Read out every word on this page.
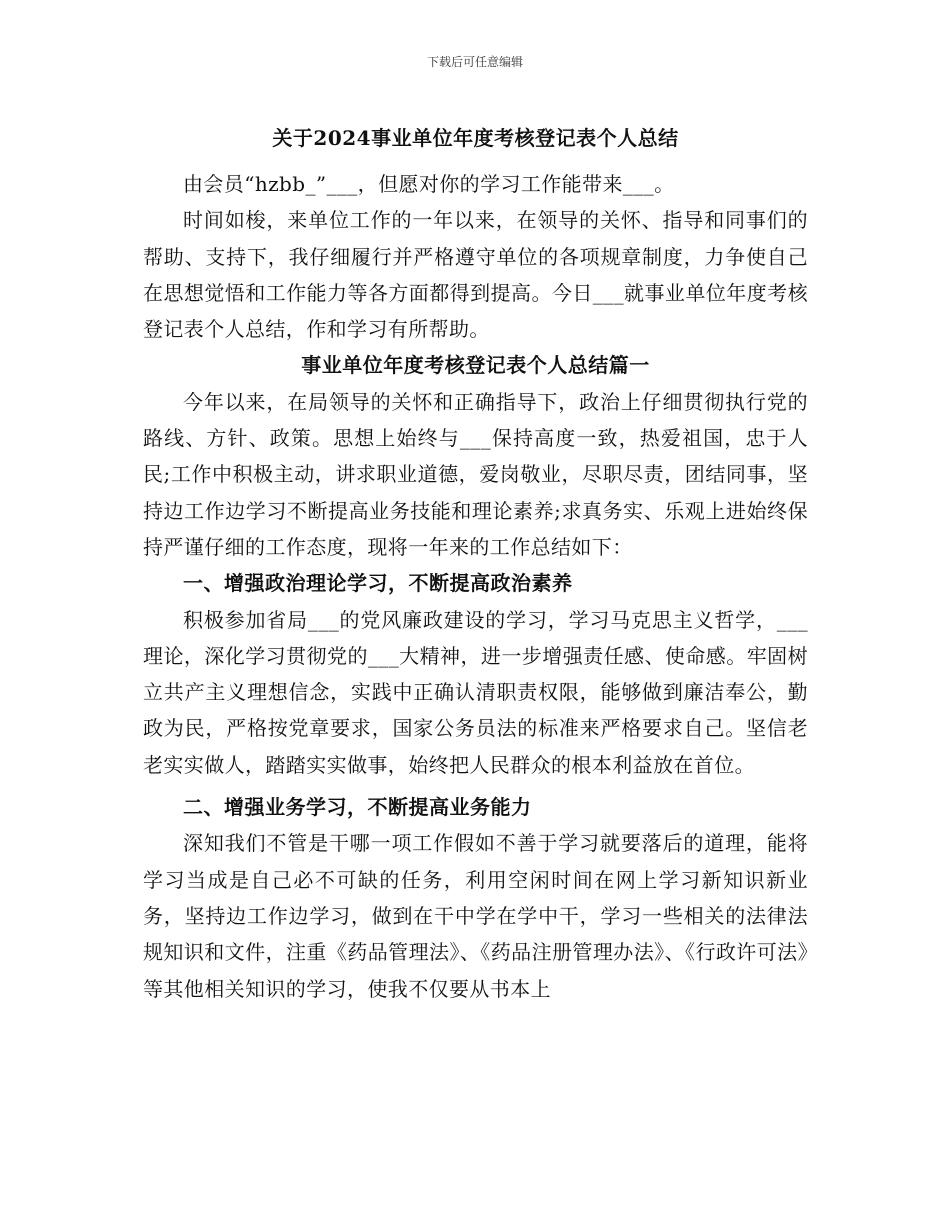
下载后可任意编辑
关于2024事业单位年度考核登记表个人总结

由会员“hzbb_”___，但愿对你的学习工作能带来___。

时间如梭，来单位工作的一年以来，在领导的关怀、指导和同事们的帮助、支持下，我仔细履行并严格遵守单位的各项规章制度，力争使自己在思想觉悟和工作能力等各方面都得到提高。今日___就事业单位年度考核登记表个人总结，作和学习有所帮助。

事业单位年度考核登记表个人总结篇一

今年以来，在局领导的关怀和正确指导下，政治上仔细贯彻执行党的路线、方针、政策。思想上始终与___保持高度一致，热爱祖国，忠于人民;工作中积极主动，讲求职业道德，爱岗敬业，尽职尽责，团结同事，坚持边工作边学习不断提高业务技能和理论素养;求真务实、乐观上进始终保持严谨仔细的工作态度，现将一年来的工作总结如下：

一、增强政治理论学习，不断提高政治素养

积极参加省局___的党风廉政建设的学习，学习马克思主义哲学，___理论，深化学习贯彻党的___大精神，进一步增强责任感、使命感。牢固树立共产主义理想信念，实践中正确认清职责权限，能够做到廉洁奉公，勤政为民，严格按党章要求，国家公务员法的标准来严格要求自己。坚信老老实实做人，踏踏实实做事，始终把人民群众的根本利益放在首位。

二、增强业务学习，不断提高业务能力

深知我们不管是干哪一项工作假如不善于学习就要落后的道理，能将学习当成是自己必不可缺的任务，利用空闲时间在网上学习新知识新业务，坚持边工作边学习，做到在干中学在学中干，学习一些相关的法律法规知识和文件，注重《药品管理法》、《药品注册管理办法》、《行政许可法》等其他相关知识的学习，使我不仅要从书本上
